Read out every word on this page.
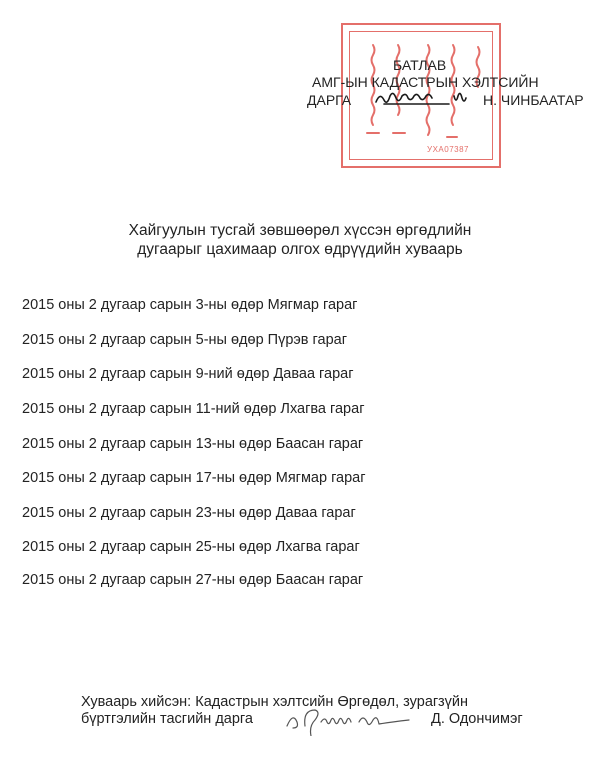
УХА07387
БАТЛАВ
АМГ-ЫН КАДАСТРЫН ХЭЛТСИЙН
ДАРГА	Н. ЧИНБААТАР
Хайгуулын тусгай зөвшөөрөл хүссэн өргөдлийн
дугаарыг цахимаар олгох өдрүүдийн хуваарь
2015 оны 2 дугаар сарын 3-ны өдөр Мягмар гараг
2015 оны 2 дугаар сарын 5-ны өдөр Пүрэв гараг
2015 оны 2 дугаар сарын 9-ний өдөр Даваа гараг
2015 оны 2 дугаар сарын 11-ний өдөр Лхагва гараг
2015 оны 2 дугаар сарын 13-ны өдөр Баасан гараг
2015 оны 2 дугаар сарын 17-ны өдөр Мягмар гараг
2015 оны 2 дугаар сарын 23-ны өдөр Даваа гараг
2015 оны 2 дугаар сарын 25-ны өдөр Лхагва гараг
2015 оны 2 дугаар сарын 27-ны өдөр Баасан гараг
Хуваарь хийсэн: Кадастрын хэлтсийн Өргөдөл, зурагзүйн
бүртгэлийн тасгийн дарга	Д. Одончимэг
